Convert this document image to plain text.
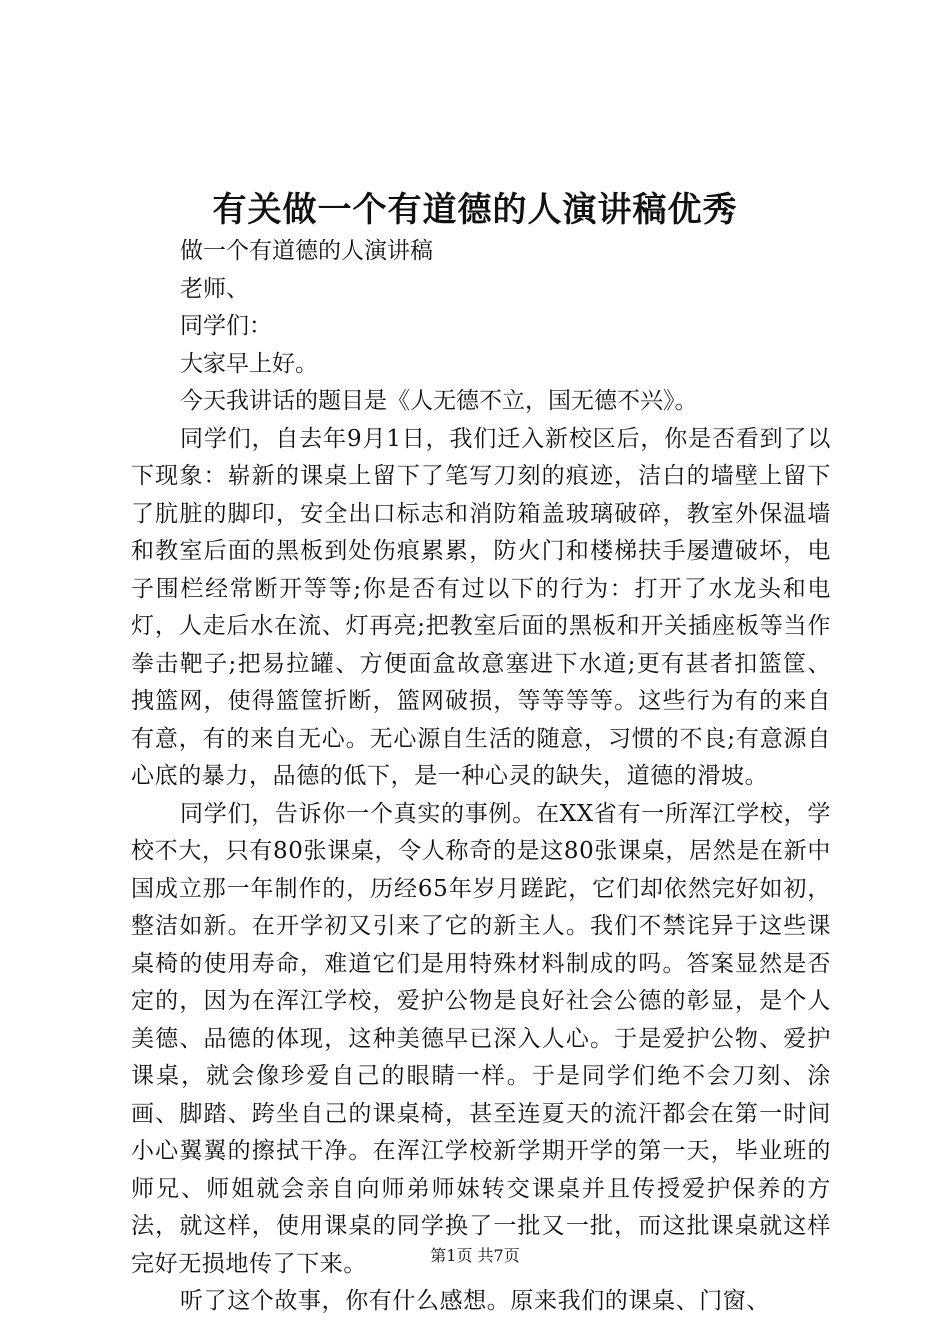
有关做一个有道德的人演讲稿优秀

做一个有道德的人演讲稿

老师、

同学们：

大家早上好。

今天我讲话的题目是《人无德不立，国无德不兴》。

同学们，自去年9月1日，我们迁入新校区后，你是否看到了以下现象：崭新的课桌上留下了笔写刀刻的痕迹，洁白的墙壁上留下了肮脏的脚印，安全出口标志和消防箱盖玻璃破碎，教室外保温墙和教室后面的黑板到处伤痕累累，防火门和楼梯扶手屡遭破坏，电子围栏经常断开等等;你是否有过以下的行为：打开了水龙头和电灯，人走后水在流、灯再亮;把教室后面的黑板和开关插座板等当作拳击靶子;把易拉罐、方便面盒故意塞进下水道;更有甚者扣篮筐、拽篮网，使得篮筐折断，篮网破损，等等等等。这些行为有的来自有意，有的来自无心。无心源自生活的随意，习惯的不良;有意源自心底的暴力，品德的低下，是一种心灵的缺失，道德的滑坡。

同学们，告诉你一个真实的事例。在XX省有一所浑江学校，学校不大，只有80张课桌，令人称奇的是这80张课桌，居然是在新中国成立那一年制作的，历经65年岁月蹉跎，它们却依然完好如初，整洁如新。在开学初又引来了它的新主人。我们不禁诧异于这些课桌椅的使用寿命，难道它们是用特殊材料制成的吗。答案显然是否定的，因为在浑江学校，爱护公物是良好社会公德的彰显，是个人美德、品德的体现，这种美德早已深入人心。于是爱护公物、爱护课桌，就会像珍爱自己的眼睛一样。于是同学们绝不会刀刻、涂画、脚踏、跨坐自己的课桌椅，甚至连夏天的流汗都会在第一时间小心翼翼的擦拭干净。在浑江学校新学期开学的第一天，毕业班的师兄、师姐就会亲自向师弟师妹转交课桌并且传授爱护保养的方法，就这样，使用课桌的同学换了一批又一批，而这批课桌就这样完好无损地传了下来。

听了这个故事，你有什么感想。原来我们的课桌、门窗、

第1页 共7页
